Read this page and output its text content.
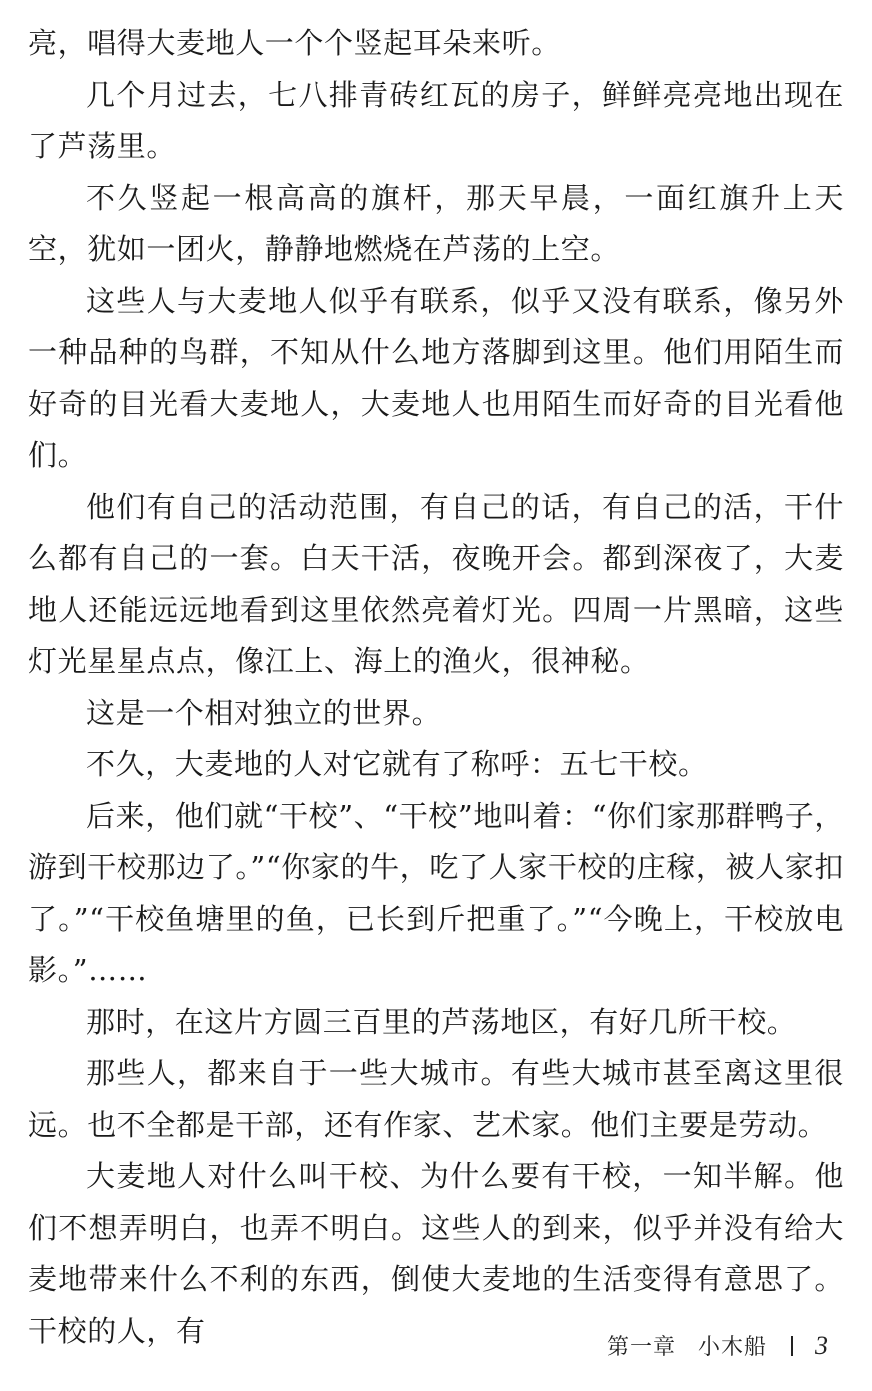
亮，唱得大麦地人一个个竖起耳朵来听。

几个月过去，七八排青砖红瓦的房子，鲜鲜亮亮地出现在了芦荡里。

不久竖起一根高高的旗杆，那天早晨，一面红旗升上天空，犹如一团火，静静地燃烧在芦荡的上空。

这些人与大麦地人似乎有联系，似乎又没有联系，像另外一种品种的鸟群，不知从什么地方落脚到这里。他们用陌生而好奇的目光看大麦地人，大麦地人也用陌生而好奇的目光看他们。

他们有自己的活动范围，有自己的话，有自己的活，干什么都有自己的一套。白天干活，夜晚开会。都到深夜了，大麦地人还能远远地看到这里依然亮着灯光。四周一片黑暗，这些灯光星星点点，像江上、海上的渔火，很神秘。

这是一个相对独立的世界。

不久，大麦地的人对它就有了称呼：五七干校。

后来，他们就“干校”、“干校”地叫着：“你们家那群鸭子，游到干校那边了。”“你家的牛，吃了人家干校的庄稼，被人家扣了。”“干校鱼塘里的鱼，已长到斤把重了。”“今晚上，干校放电影。”……

那时，在这片方圆三百里的芦荡地区，有好几所干校。

那些人，都来自于一些大城市。有些大城市甚至离这里很远。也不全都是干部，还有作家、艺术家。他们主要是劳动。

大麦地人对什么叫干校、为什么要有干校，一知半解。他们不想弄明白，也弄不明白。这些人的到来，似乎并没有给大麦地带来什么不利的东西，倒使大麦地的生活变得有意思了。干校的人，有	第一章 小木船 3
